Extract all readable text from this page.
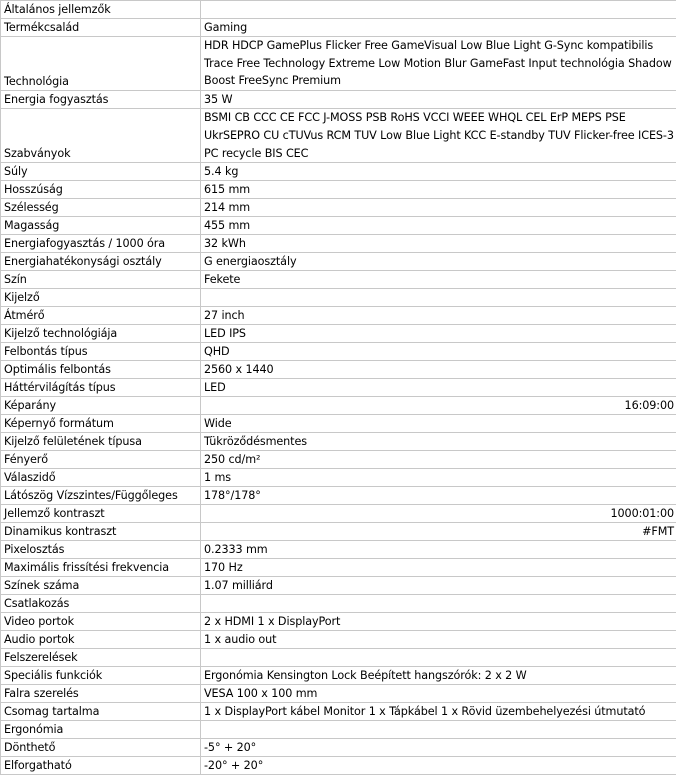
Általános jellemzők	
Termékcsalád	Gaming
Technológia	HDR HDCP GamePlus Flicker Free GameVisual Low Blue Light G-Sync kompatibilis Trace Free Technology Extreme Low Motion Blur GameFast Input technológia Shadow Boost FreeSync Premium
Energia fogyasztás	35 W
Szabványok	BSMI CB CCC CE FCC J-MOSS PSB RoHS VCCI WEEE WHQL CEL ErP MEPS PSE UkrSEPRO CU cTUVus RCM TUV Low Blue Light KCC E-standby TUV Flicker-free ICES-3 PC recycle BIS CEC
Súly	5.4 kg
Hosszúság	615 mm
Szélesség	214 mm
Magasság	455 mm
Energiafogyasztás / 1000 óra	32 kWh
Energiahatékonysági osztály	G energiaosztály
Szín	Fekete
Kijelző	
Átmérő	27 inch
Kijelző technológiája	LED IPS
Felbontás típus	QHD
Optimális felbontás	2560 x 1440
Háttérvilágítás típus	LED
Képarány	16:09:00
Képernyő formátum	Wide
Kijelző felületének típusa	Tükröződésmentes
Fényerő	250 cd/m²
Válaszidő	1 ms
Látószög Vízszintes/Függőleges	178°/178°
Jellemző kontraszt	1000:01:00
Dinamikus kontraszt	#FMT
Pixelosztás	0.2333 mm
Maximális frissítési frekvencia	170 Hz
Színek száma	1.07 milliárd
Csatlakozás	
Video portok	2 x HDMI 1 x DisplayPort
Audio portok	1 x audio out
Felszerelések	
Speciális funkciók	Ergonómia Kensington Lock Beépített hangszórók: 2 x 2 W
Falra szerelés	VESA 100 x 100 mm
Csomag tartalma	1 x DisplayPort kábel Monitor 1 x Tápkábel 1 x Rövid üzembehelyezési útmutató
Ergonómia	
Dönthető	-5° + 20°
Elforgatható	-20° + 20°
